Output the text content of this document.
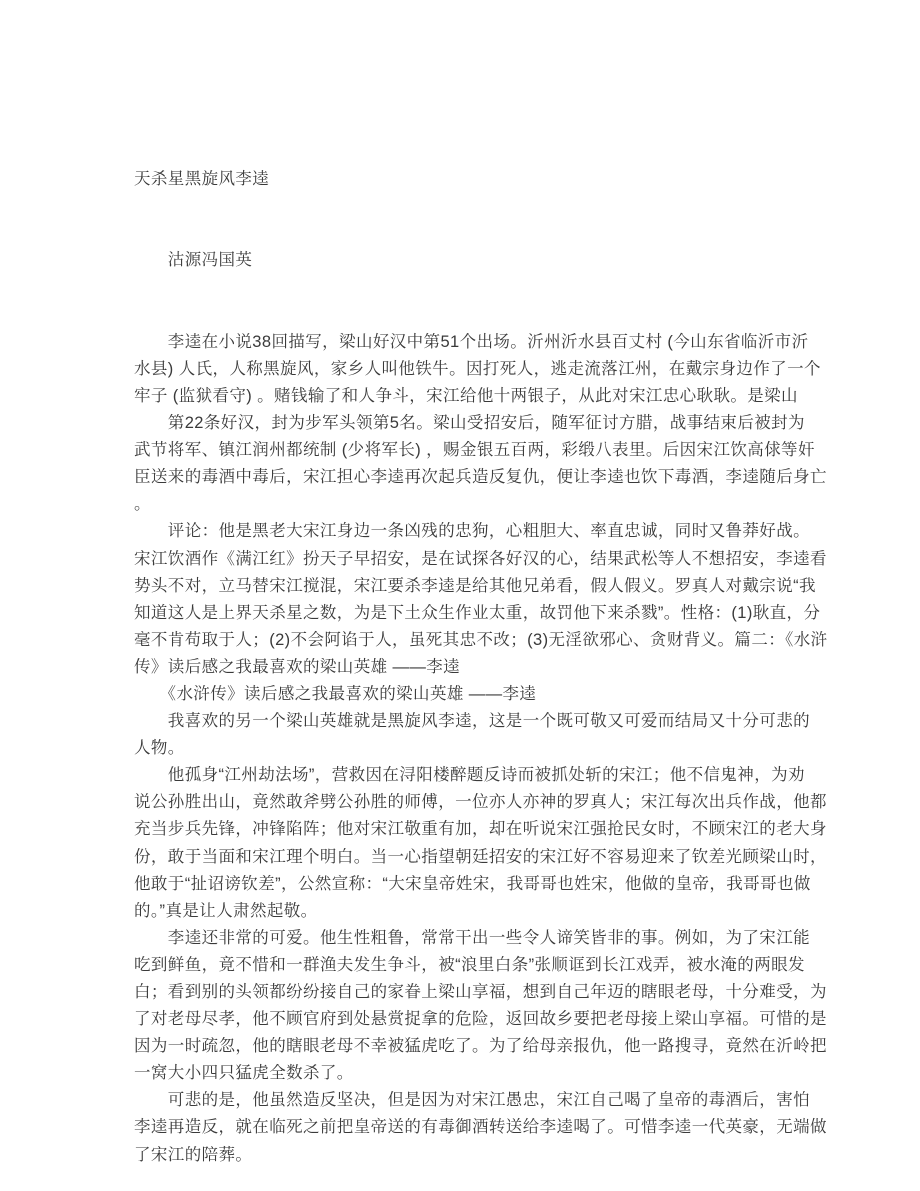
天杀星黑旋风李逵

　　沽源冯国英

　　李逵在小说38回描写，梁山好汉中第51个出场。沂州沂水县百丈村 (今山东省临沂市沂
水县) 人氏，人称黑旋风，家乡人叫他铁牛。因打死人，逃走流落江州，在戴宗身边作了一个
牢子 (监狱看守) 。赌钱输了和人争斗，宋江给他十两银子，从此对宋江忠心耿耿。是梁山
　　第22条好汉，封为步军头领第5名。梁山受招安后，随军征讨方腊，战事结束后被封为
武节将军、镇江润州都统制 (少将军长) ，赐金银五百两，彩缎八表里。后因宋江饮高俅等奸
臣送来的毒酒中毒后，宋江担心李逵再次起兵造反复仇，便让李逵也饮下毒酒，李逵随后身亡
。
　　评论：他是黑老大宋江身边一条凶残的忠狗，心粗胆大、率直忠诚，同时又鲁莽好战。
宋江饮酒作《满江红》扮天子早招安，是在试探各好汉的心，结果武松等人不想招安，李逵看
势头不对，立马替宋江搅混，宋江要杀李逵是给其他兄弟看，假人假义。罗真人对戴宗说“我
知道这人是上界天杀星之数，为是下土众生作业太重，故罚他下来杀戮”。性格：(1)耿直，分
毫不肯苟取于人；(2)不会阿谄于人，虽死其忠不改；(3)无淫欲邪心、贪财背义。篇二：《水浒
传》读后感之我最喜欢的梁山英雄 ——李逵
　　《水浒传》读后感之我最喜欢的梁山英雄 ——李逵
　　我喜欢的另一个梁山英雄就是黑旋风李逵，这是一个既可敬又可爱而结局又十分可悲的
人物。
　　他孤身“江州劫法场”，营救因在浔阳楼醉题反诗而被抓处斩的宋江；他不信鬼神，为劝
说公孙胜出山，竟然敢斧劈公孙胜的师傅，一位亦人亦神的罗真人；宋江每次出兵作战，他都
充当步兵先锋，冲锋陷阵；他对宋江敬重有加，却在听说宋江强抢民女时，不顾宋江的老大身
份，敢于当面和宋江理个明白。当一心指望朝廷招安的宋江好不容易迎来了钦差光顾梁山时，
他敢于“扯诏谤钦差”，公然宣称：“大宋皇帝姓宋，我哥哥也姓宋，他做的皇帝，我哥哥也做
的。”真是让人肃然起敬。
　　李逵还非常的可爱。他生性粗鲁，常常干出一些令人谛笑皆非的事。例如，为了宋江能
吃到鲜鱼，竟不惜和一群渔夫发生争斗，被“浪里白条”张顺诓到长江戏弄，被水淹的两眼发
白；看到别的头领都纷纷接自己的家眷上梁山享福，想到自己年迈的瞎眼老母，十分难受，为
了对老母尽孝，他不顾官府到处悬赏捉拿的危险，返回故乡要把老母接上梁山享福。可惜的是
因为一时疏忽，他的瞎眼老母不幸被猛虎吃了。为了给母亲报仇，他一路搜寻，竟然在沂岭把
一窝大小四只猛虎全数杀了。
　　可悲的是，他虽然造反坚决，但是因为对宋江愚忠，宋江自己喝了皇帝的毒酒后，害怕
李逵再造反，就在临死之前把皇帝送的有毒御酒转送给李逵喝了。可惜李逵一代英豪，无端做
了宋江的陪葬。
